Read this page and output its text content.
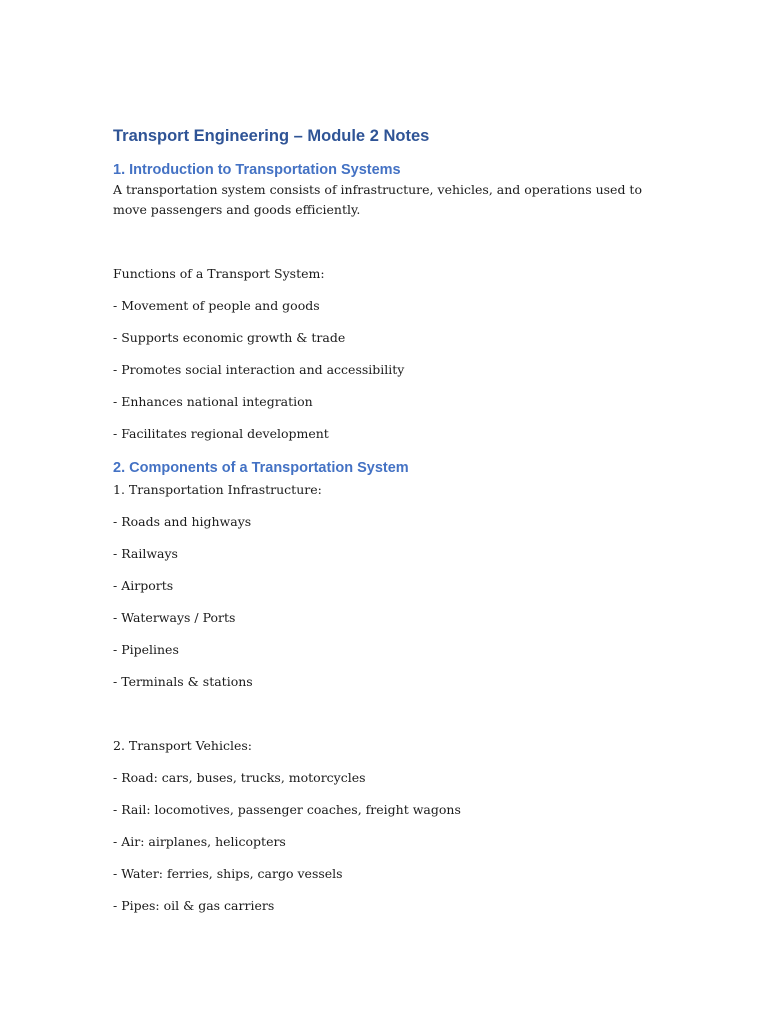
Transport Engineering – Module 2 Notes
1. Introduction to Transportation Systems

A transportation system consists of infrastructure, vehicles, and operations used to move passengers and goods efficiently.

Functions of a Transport System:
- Movement of people and goods
- Supports economic growth & trade
- Promotes social interaction and accessibility
- Enhances national integration
- Facilitates regional development
2. Components of a Transportation System
1. Transportation Infrastructure:
- Roads and highways
- Railways
- Airports
- Waterways / Ports
- Pipelines
- Terminals & stations
2. Transport Vehicles:
- Road: cars, buses, trucks, motorcycles
- Rail: locomotives, passenger coaches, freight wagons
- Air: airplanes, helicopters
- Water: ferries, ships, cargo vessels
- Pipes: oil & gas carriers
